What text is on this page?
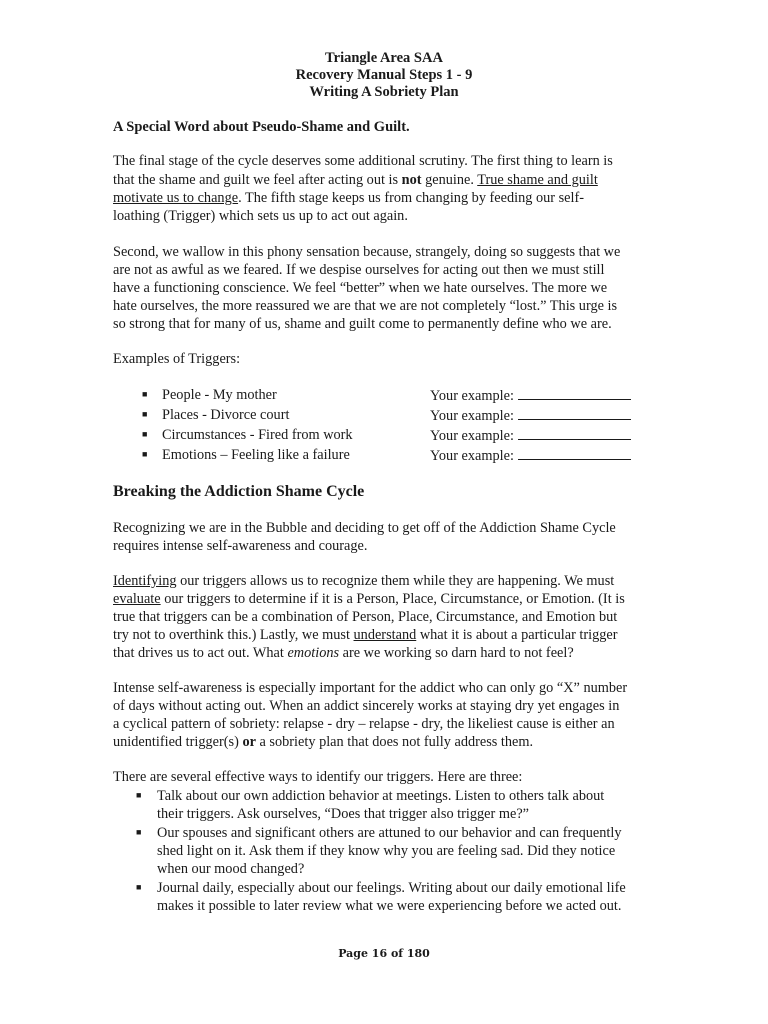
Triangle Area SAA
Recovery Manual Steps 1 - 9
Writing A Sobriety Plan
A Special Word about Pseudo-Shame and Guilt.
The final stage of the cycle deserves some additional scrutiny. The first thing to learn is
that the shame and guilt we feel after acting out is not genuine. True shame and guilt
motivate us to change. The fifth stage keeps us from changing by feeding our self-
loathing (Trigger) which sets us up to act out again.
Second, we wallow in this phony sensation because, strangely, doing so suggests that we
are not as awful as we feared. If we despise ourselves for acting out then we must still
have a functioning conscience. We feel “better” when we hate ourselves. The more we
hate ourselves, the more reassured we are that we are not completely “lost.” This urge is
so strong that for many of us, shame and guilt come to permanently define who we are.
Examples of Triggers:
■ People - My mother	Your example:
■ Places - Divorce court	Your example:
■ Circumstances - Fired from work	Your example:
■ Emotions – Feeling like a failure	Your example:
Breaking the Addiction Shame Cycle
Recognizing we are in the Bubble and deciding to get off of the Addiction Shame Cycle
requires intense self-awareness and courage.
Identifying our triggers allows us to recognize them while they are happening. We must
evaluate our triggers to determine if it is a Person, Place, Circumstance, or Emotion. (It is
true that triggers can be a combination of Person, Place, Circumstance, and Emotion but
try not to overthink this.) Lastly, we must understand what it is about a particular trigger
that drives us to act out. What emotions are we working so darn hard to not feel?
Intense self-awareness is especially important for the addict who can only go “X” number
of days without acting out. When an addict sincerely works at staying dry yet engages in
a cyclical pattern of sobriety: relapse - dry – relapse - dry, the likeliest cause is either an
unidentified trigger(s) or a sobriety plan that does not fully address them.
There are several effective ways to identify our triggers. Here are three:
■ Talk about our own addiction behavior at meetings. Listen to others talk about
their triggers. Ask ourselves, “Does that trigger also trigger me?”
■ Our spouses and significant others are attuned to our behavior and can frequently
shed light on it. Ask them if they know why you are feeling sad. Did they notice
when our mood changed?
■ Journal daily, especially about our feelings. Writing about our daily emotional life
makes it possible to later review what we were experiencing before we acted out.
Page 16 of 180
